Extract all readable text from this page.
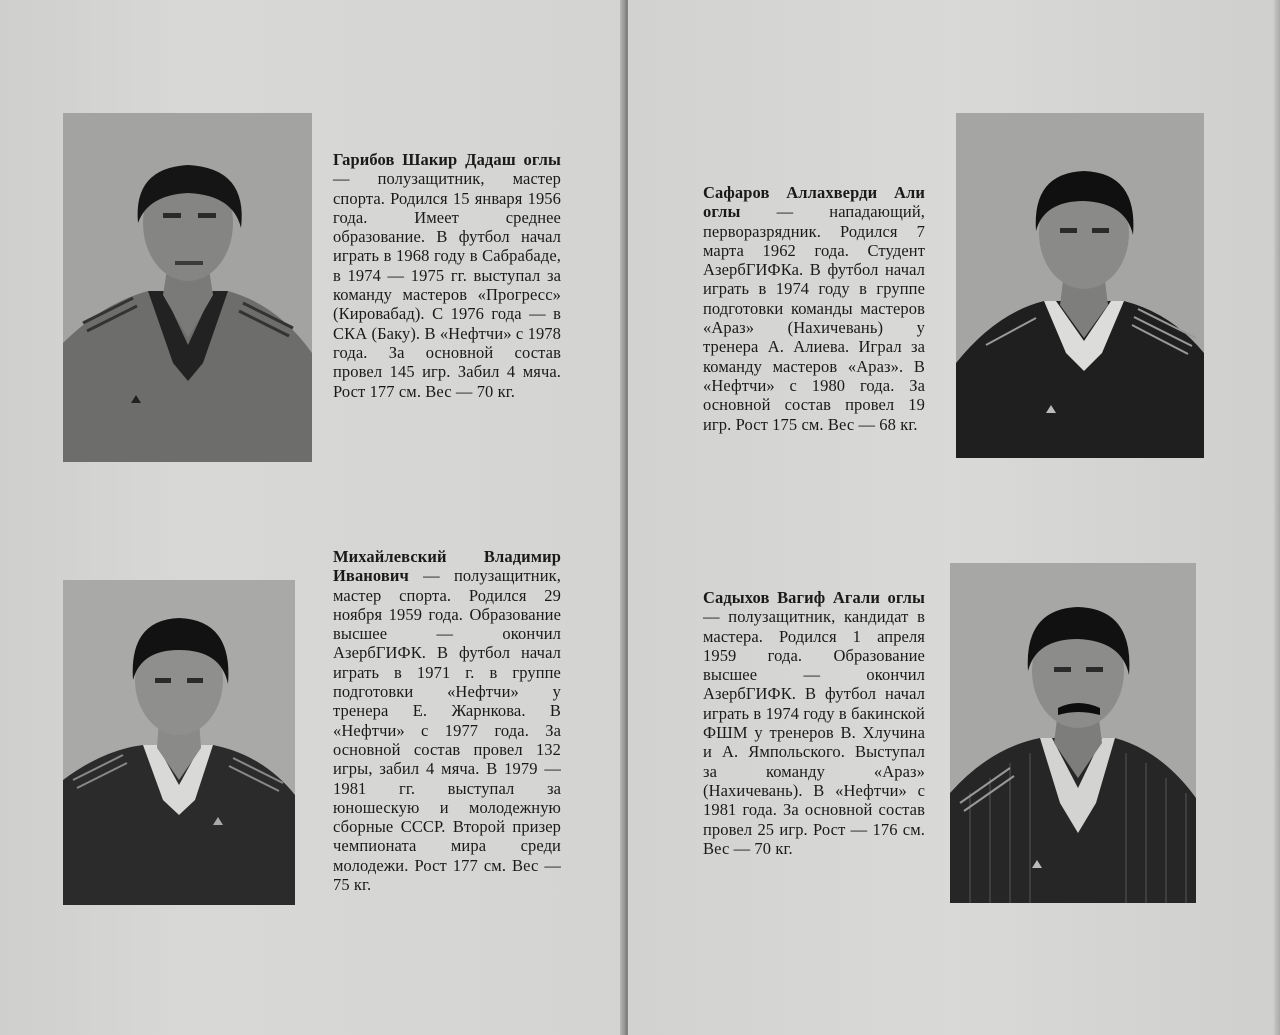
Гарибов Шакир Дадаш оглы — полузащитник, мастер спорта. Родился 15 января 1956 года. Имеет среднее образование. В футбол начал играть в 1968 году в Сабрабаде, в 1974 — 1975 гг. выступал за команду мастеров «Прогресс» (Кировабад). С 1976 года — в СКА (Баку). В «Нефтчи» с 1978 года. За основной состав провел 145 игр. Забил 4 мяча. Рост 177 см. Вес — 70 кг.
Михайлевский Владимир Иванович — полузащитник, мастер спорта. Родился 29 ноября 1959 года. Образование высшее — окончил АзербГИФК. В футбол начал играть в 1971 г. в группе подготовки «Нефтчи» у тренера Е. Жарнкова. В «Нефтчи» с 1977 года. За основной состав провел 132 игры, забил 4 мяча. В 1979 — 1981 гг. выступал за юношескую и молодежную сборные СССР. Второй призер чемпионата мира среди молодежи. Рост 177 см. Вес — 75 кг.
Сафаров Аллахверди Али оглы — нападающий, перворазрядник. Родился 7 марта 1962 года. Студент АзербГИФКа. В футбол начал играть в 1974 году в группе подготовки команды мастеров «Араз» (Нахичевань) у тренера А. Алиева. Играл за команду мастеров «Араз». В «Нефтчи» с 1980 года. За основной состав провел 19 игр. Рост 175 см. Вес — 68 кг.
Садыхов Вагиф Агали оглы — полузащитник, кандидат в мастера. Родился 1 апреля 1959 года. Образование высшее — окончил АзербГИФК. В футбол начал играть в 1974 году в бакинской ФШМ у тренеров В. Хлучина и А. Ямпольского. Выступал за команду «Араз» (Нахичевань). В «Нефтчи» с 1981 года. За основной состав провел 25 игр. Рост — 176 см. Вес — 70 кг.
